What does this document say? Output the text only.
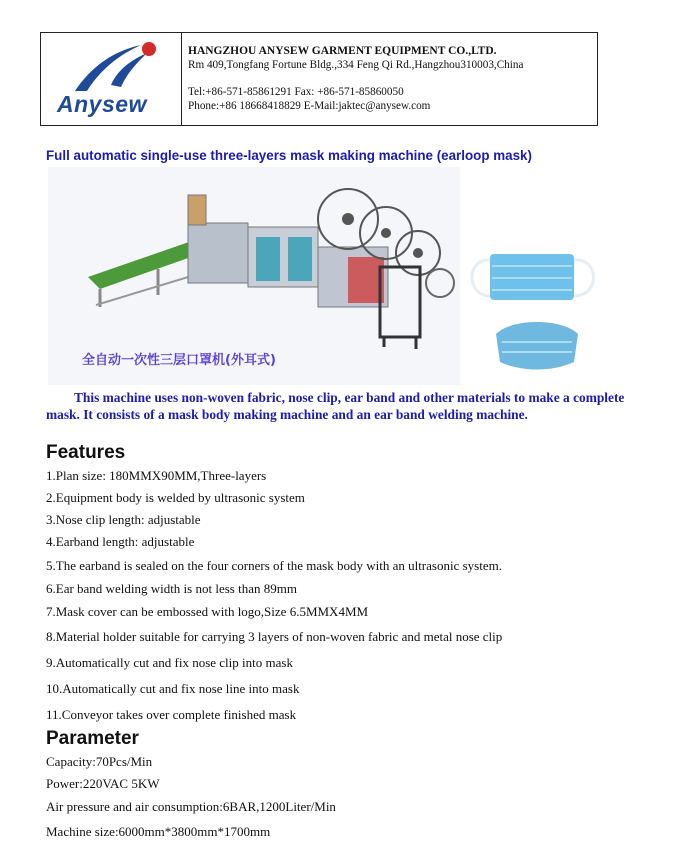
Anysew
HANGZHOU ANYSEW GARMENT EQUIPMENT CO.,LTD.
Rm 409,Tongfang Fortune Bldg.,334 Feng Qi Rd.,Hangzhou310003,China
Tel:+86-571-85861291 Fax: +86-571-85860050
Phone:+86 18668418829 E-Mail:jaktec@anysew.com
Full automatic single-use three-layers mask making machine (earloop mask)
全自动一次性三层口罩机(外耳式)

This machine uses non-woven fabric, nose clip, ear band and other materials to make a complete mask. It consists of a mask body making machine and an ear band welding machine.

Features

1.Plan size: 180MMX90MM,Three-layers

2.Equipment body is welded by ultrasonic system

3.Nose clip length: adjustable

4.Earband length: adjustable

5.The earband is sealed on the four corners of the mask body with an ultrasonic system.

6.Ear band welding width is not less than 89mm

7.Mask cover can be embossed with logo,Size 6.5MMX4MM

8.Material holder suitable for carrying 3 layers of non-woven fabric and metal nose clip

9.Automatically cut and fix nose clip into mask

10.Automatically cut and fix nose line into mask

11.Conveyor takes over complete finished mask

Parameter

Capacity:70Pcs/Min

Power:220VAC 5KW

Air pressure and air consumption:6BAR,1200Liter/Min

Machine size:6000mm*3800mm*1700mm
